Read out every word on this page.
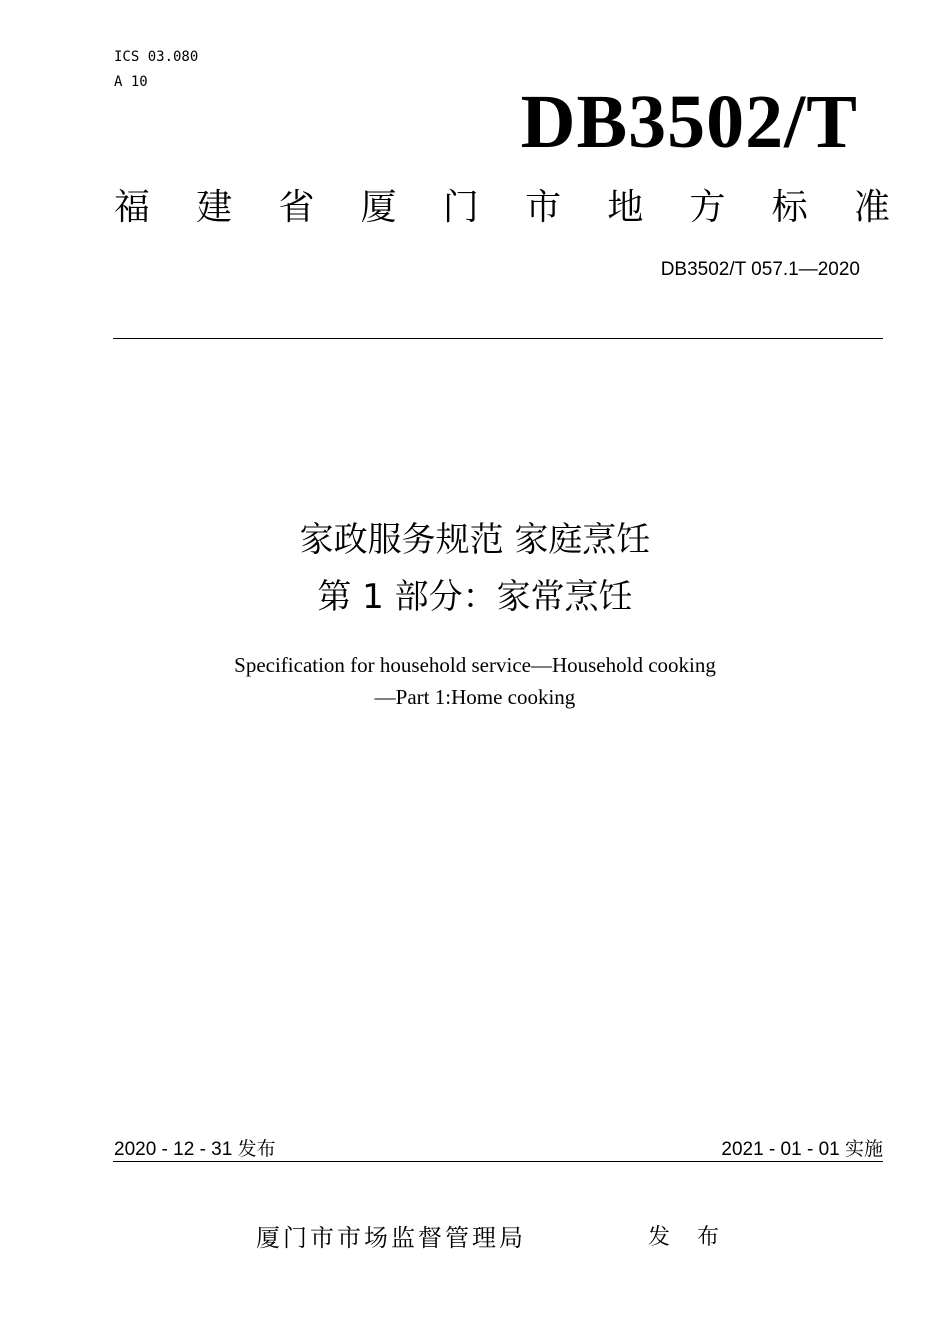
ICS 03.080
A 10	DB3502/T
福 建 省 厦 门 市 地 方 标 准
DB3502/T 057.1—2020
家政服务规范 家庭烹饪
第 1 部分：家常烹饪
Specification for household service—Household cooking
—Part 1:Home cooking
2020 - 12 - 31 发布	2021 - 01 - 01 实施
厦门市市场监督管理局	发 布
